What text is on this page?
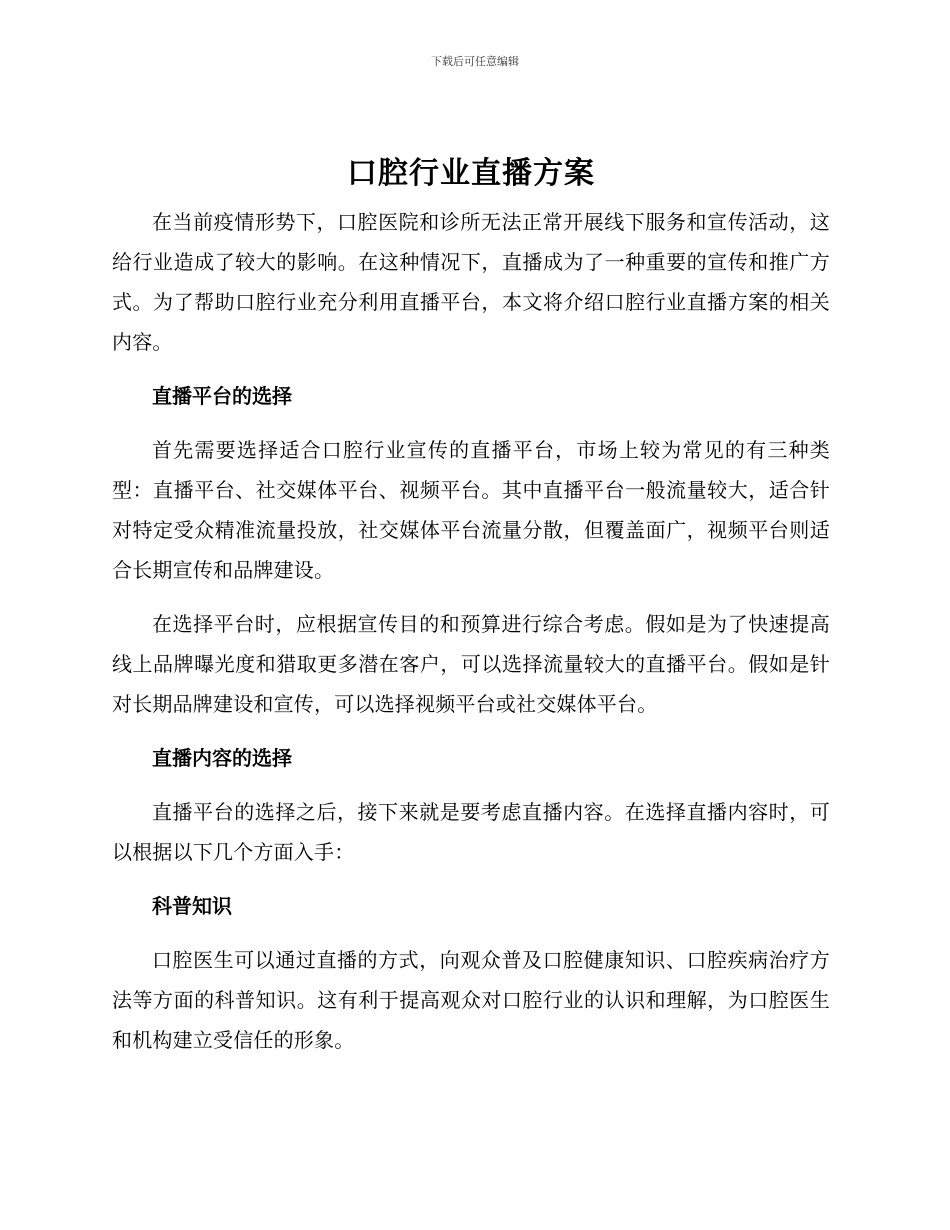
下载后可任意编辑
口腔行业直播方案

在当前疫情形势下，口腔医院和诊所无法正常开展线下服务和宣传活动，这给行业造成了较大的影响。在这种情况下，直播成为了一种重要的宣传和推广方式。为了帮助口腔行业充分利用直播平台，本文将介绍口腔行业直播方案的相关内容。

直播平台的选择

首先需要选择适合口腔行业宣传的直播平台，市场上较为常见的有三种类型：直播平台、社交媒体平台、视频平台。其中直播平台一般流量较大，适合针对特定受众精准流量投放，社交媒体平台流量分散，但覆盖面广，视频平台则适合长期宣传和品牌建设。

在选择平台时，应根据宣传目的和预算进行综合考虑。假如是为了快速提高线上品牌曝光度和猎取更多潜在客户，可以选择流量较大的直播平台。假如是针对长期品牌建设和宣传，可以选择视频平台或社交媒体平台。

直播内容的选择

直播平台的选择之后，接下来就是要考虑直播内容。在选择直播内容时，可以根据以下几个方面入手：

科普知识

口腔医生可以通过直播的方式，向观众普及口腔健康知识、口腔疾病治疗方法等方面的科普知识。这有利于提高观众对口腔行业的认识和理解，为口腔医生和机构建立受信任的形象。
